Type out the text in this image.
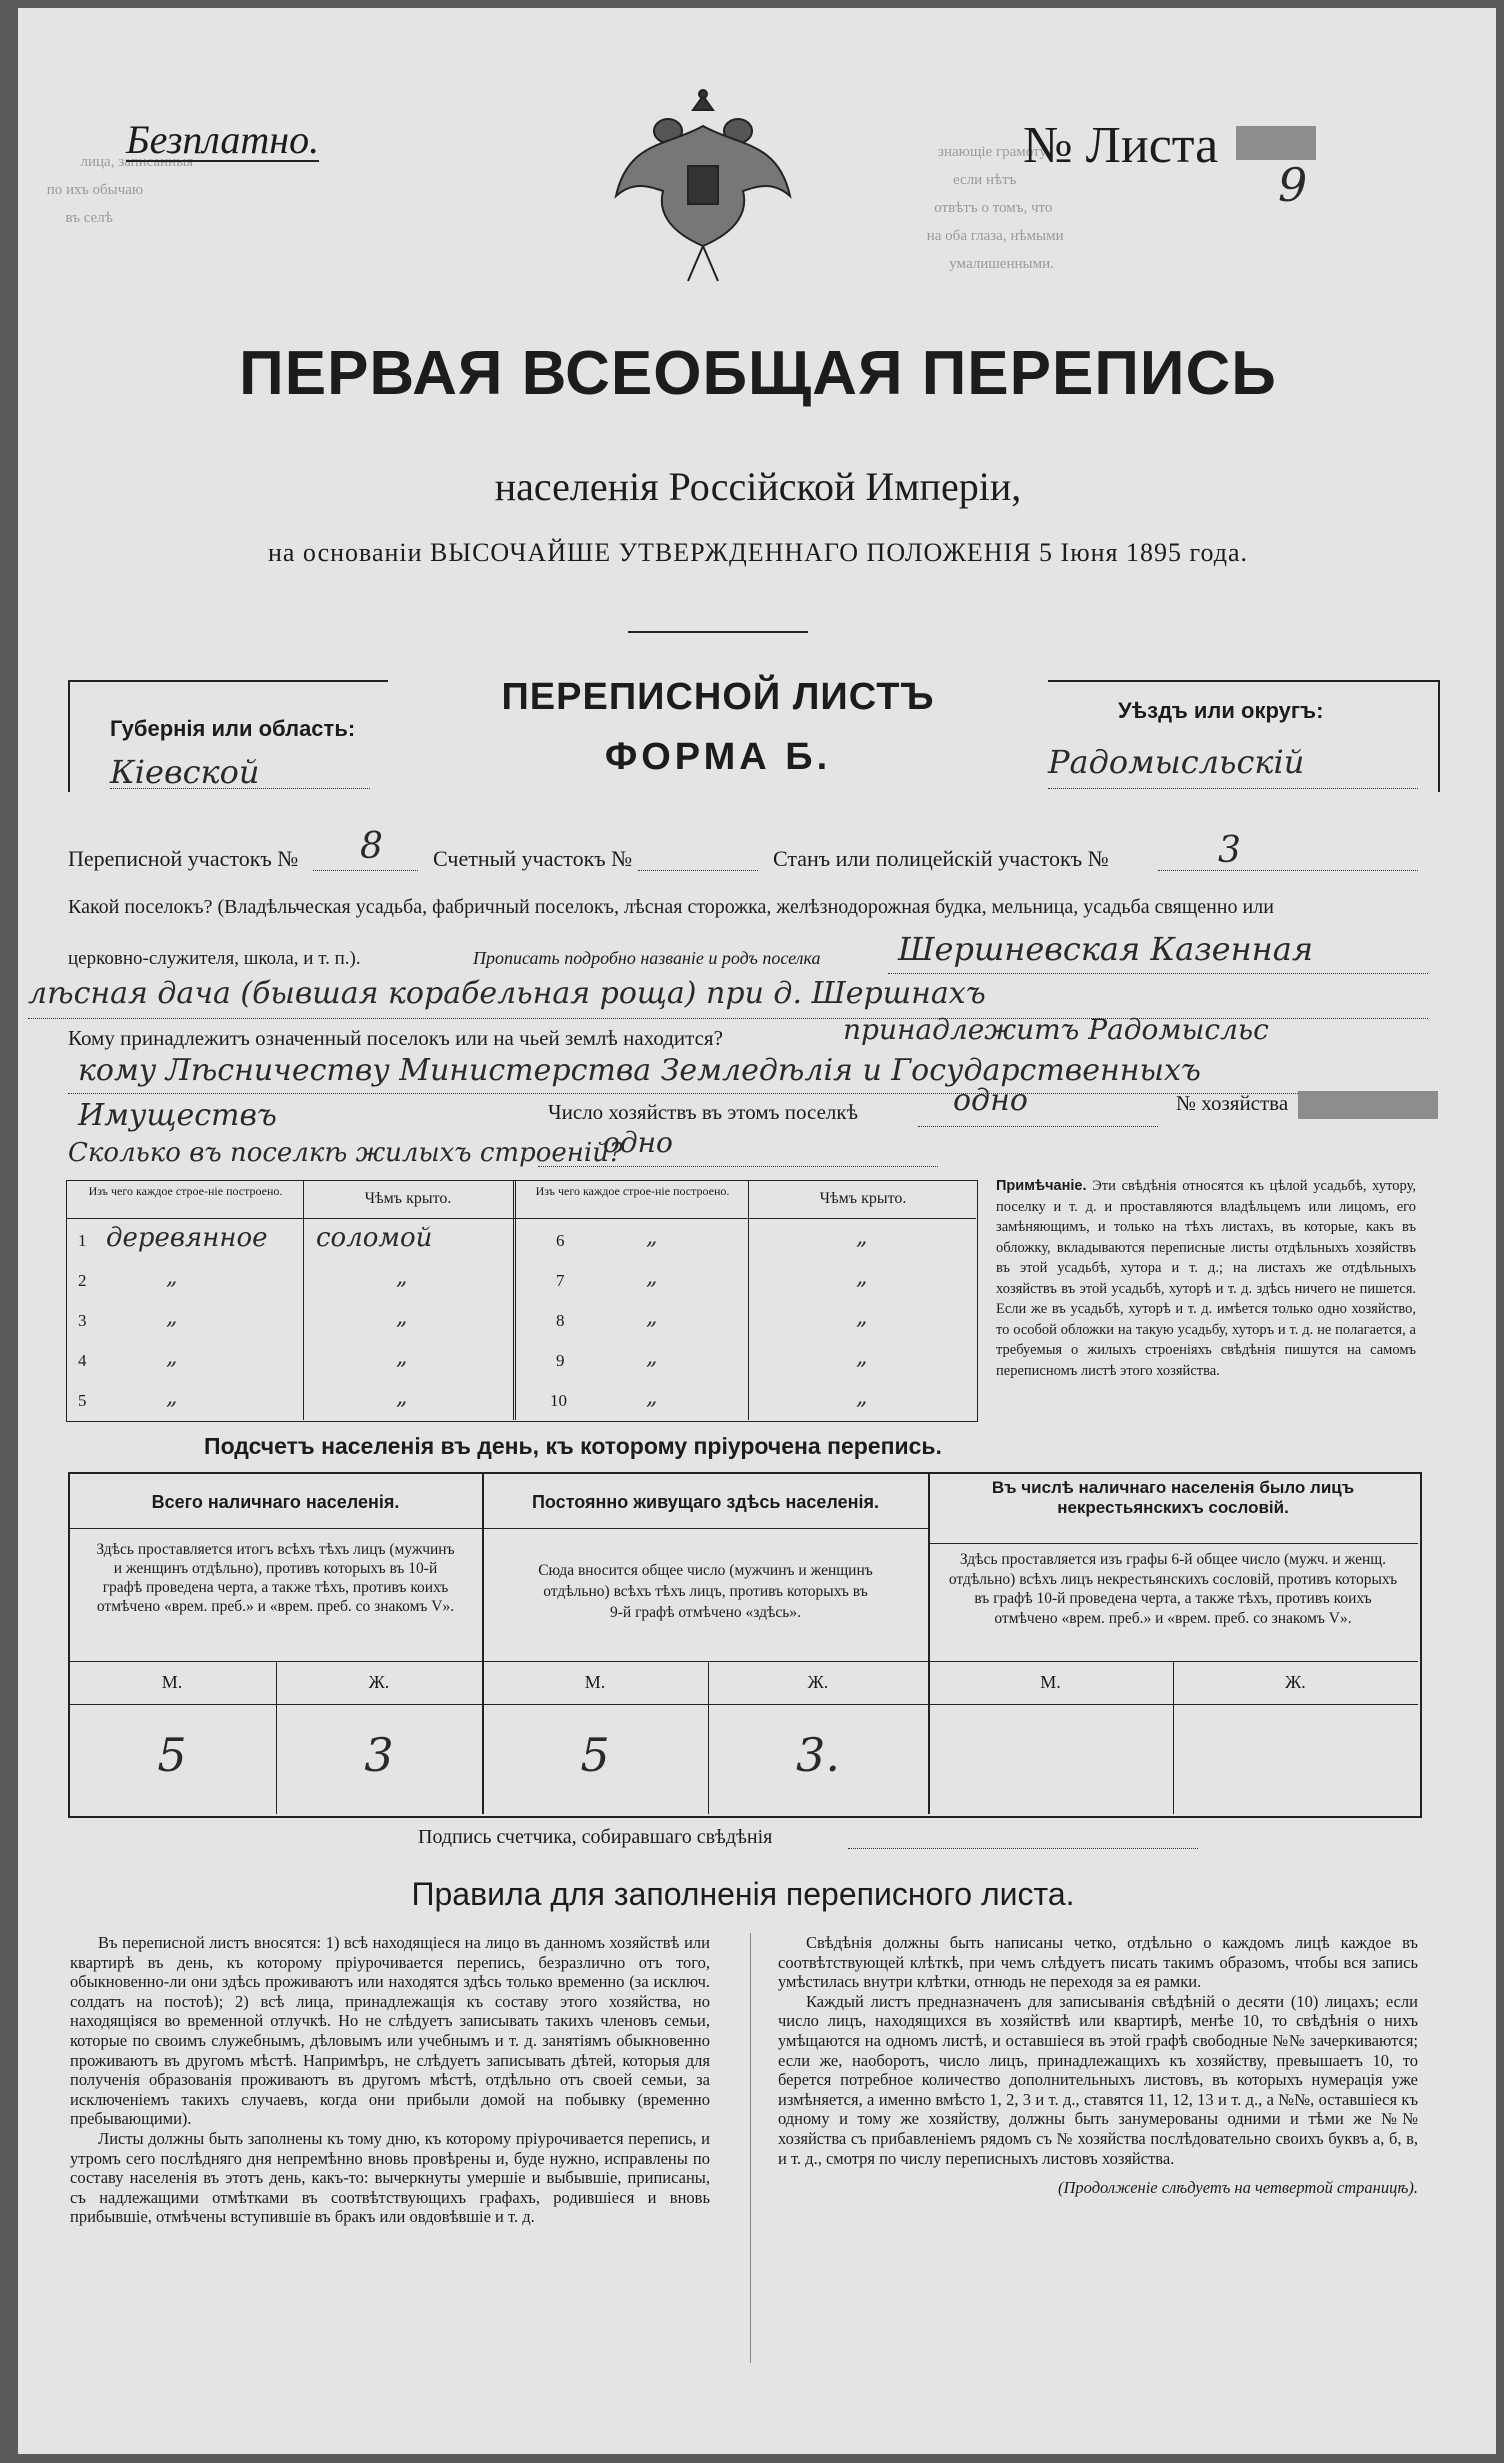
лица, записанныя
по ихъ обычаю
въ селѣ
знающіе грамоту
если нѣтъ
отвѣтъ о томъ, что
на оба глаза, нѣмыми
умалишенными.
Безплатно.	№ Листа
9
ПЕРВАЯ ВСЕОБЩАЯ ПЕРЕПИСЬ
населенія Россійской Имперіи,
на основаніи ВЫСОЧАЙШЕ УТВЕРЖДЕННАГО ПОЛОЖЕНІЯ 5 Іюня 1895 года.
Губернія или область:
Кіевской
ПЕРЕПИСНОЙ ЛИСТЪ
ФОРМА Б.
Уѣздъ или округъ:
Радомысльскій
Переписной участокъ № 8 Счетный участокъ №	Станъ или полицейскій участокъ №	3
Какой поселокъ? (Владѣльческая усадьба, фабричный поселокъ, лѣсная сторожка, желѣзнодорожная будка, мельница, усадьба священно или
церковно-служителя, школа, и т. п.).	Прописать подробно названіе и родъ поселка Шершневская Казенная
лѣсная дача (бывшая корабельная роща) при д. Шершнахъ
Кому принадлежитъ означенный поселокъ или на чьей землѣ находится?	принадлежитъ Радомысльс
кому Лѣсничеству Министерства Земледѣлія и Государственныхъ
Имуществъ	Число хозяйствъ въ этомъ поселкѣ	одно	№ хозяйства
Сколько въ поселкѣ жилыхъ строеній?
одно
Изъ чего каждое строе-ніе построено.	Чѣмъ крыто.	Изъ чего каждое строе-ніе построено.	Чѣмъ крыто.
1 деревянное соломой
2	„	„
3	„	„
4	„	„
5	„	„
6	„	„
7	„	„
8	„	„
9	„	„
10	„	„
Примѣчаніе. Эти свѣдѣнія относятся къ цѣлой усадьбѣ, хутору, поселку и т. д. и проставляются владѣльцемъ или лицомъ, его замѣняющимъ, и только на тѣхъ листахъ, въ которые, какъ въ обложку, вкладываются переписные листы отдѣльныхъ хозяйствъ въ этой усадьбѣ, хутора и т. д.; на листахъ же отдѣльныхъ хозяйствъ въ этой усадьбѣ, хуторѣ и т. д. здѣсь ничего не пишется. Если же въ усадьбѣ, хуторѣ и т. д. имѣется только одно хозяйство, то особой обложки на такую усадьбу, хуторъ и т. д. не полагается, а требуемыя о жилыхъ строеніяхъ свѣдѣнія пишутся на самомъ переписномъ листѣ этого хозяйства.
Подсчетъ населенія въ день, къ которому пріурочена перепись.
Всего наличнаго населенія.
Здѣсь проставляется итогъ всѣхъ тѣхъ лицъ (мужчинъ и женщинъ отдѣльно), противъ которыхъ въ 10-й графѣ проведена черта, а также тѣхъ, противъ коихъ отмѣчено «врем. преб.» и «врем. преб. со знакомъ V».
Постоянно живущаго здѣсь населенія.
Сюда вносится общее число (мужчинъ и женщинъ отдѣльно) всѣхъ тѣхъ лицъ, противъ которыхъ въ 9-й графѣ отмѣчено «здѣсь».
Въ числѣ наличнаго населенія было лицъ некрестьянскихъ сословій.
Здѣсь проставляется изъ графы 6-й общее число (мужч. и женщ. отдѣльно) всѣхъ лицъ некрестьянскихъ сословій, противъ которыхъ въ графѣ 10-й проведена черта, а также тѣхъ, противъ коихъ отмѣчено «врем. преб.» и «врем. преб. со знакомъ V».
М.	Ж.	М.	Ж.	М.	Ж.
5	3	5	3.
Подпись счетчика, собиравшаго свѣдѣнія
Правила для заполненія переписного листа.
Въ переписной листъ вносятся: 1) всѣ находящіеся на лицо въ данномъ хозяйствѣ или квартирѣ въ день, къ которому пріурочивается перепись, безразлично отъ того, обыкновенно-ли они здѣсь проживаютъ или находятся здѣсь только временно (за исключ. солдатъ на постоѣ); 2) всѣ лица, принадлежащія къ составу этого хозяйства, но находящіяся во временной отлучкѣ. Но не слѣдуетъ записывать такихъ членовъ семьи, которые по своимъ служебнымъ, дѣловымъ или учебнымъ и т. д. занятіямъ обыкновенно проживаютъ въ другомъ мѣстѣ. Напримѣръ, не слѣдуетъ записывать дѣтей, которыя для полученія образованія проживаютъ въ другомъ мѣстѣ, отдѣльно отъ своей семьи, за исключеніемъ такихъ случаевъ, когда они прибыли домой на побывку (временно пребывающими).
Листы должны быть заполнены къ тому дню, къ которому пріурочивается перепись, и утромъ сего послѣдняго дня непремѣнно вновь провѣрены и, буде нужно, исправлены по составу населенія въ этотъ день, какъ-то: вычеркнуты умершіе и выбывшіе, приписаны, съ надлежащими отмѣтками въ соотвѣтствующихъ графахъ, родившіеся и вновь прибывшіе, отмѣчены вступившіе въ бракъ или овдовѣвшіе и т. д.
Свѣдѣнія должны быть написаны четко, отдѣльно о каждомъ лицѣ каждое въ соотвѣтствующей клѣткѣ, при чемъ слѣдуетъ писать такимъ образомъ, чтобы вся запись умѣстилась внутри клѣтки, отнюдь не переходя за ея рамки.
Каждый листъ предназначенъ для записыванія свѣдѣній о десяти (10) лицахъ; если число лицъ, находящихся въ хозяйствѣ или квартирѣ, менѣе 10, то свѣдѣнія о нихъ умѣщаются на одномъ листѣ, и оставшіеся въ этой графѣ свободные №№ зачеркиваются; если же, наоборотъ, число лицъ, принадлежащихъ къ хозяйству, превышаетъ 10, то берется потребное количество дополнительныхъ листовъ, въ которыхъ нумерація уже измѣняется, а именно вмѣсто 1, 2, 3 и т. д., ставятся 11, 12, 13 и т. д., а №№, оставшіеся къ одному и тому же хозяйству, должны быть занумерованы одними и тѣми же №№ хозяйства съ прибавленіемъ рядомъ съ № хозяйства послѣдовательно своихъ буквъ а, б, в, и т. д., смотря по числу переписныхъ листовъ хозяйства.
(Продолженіе слѣдуетъ на четвертой страницѣ).
